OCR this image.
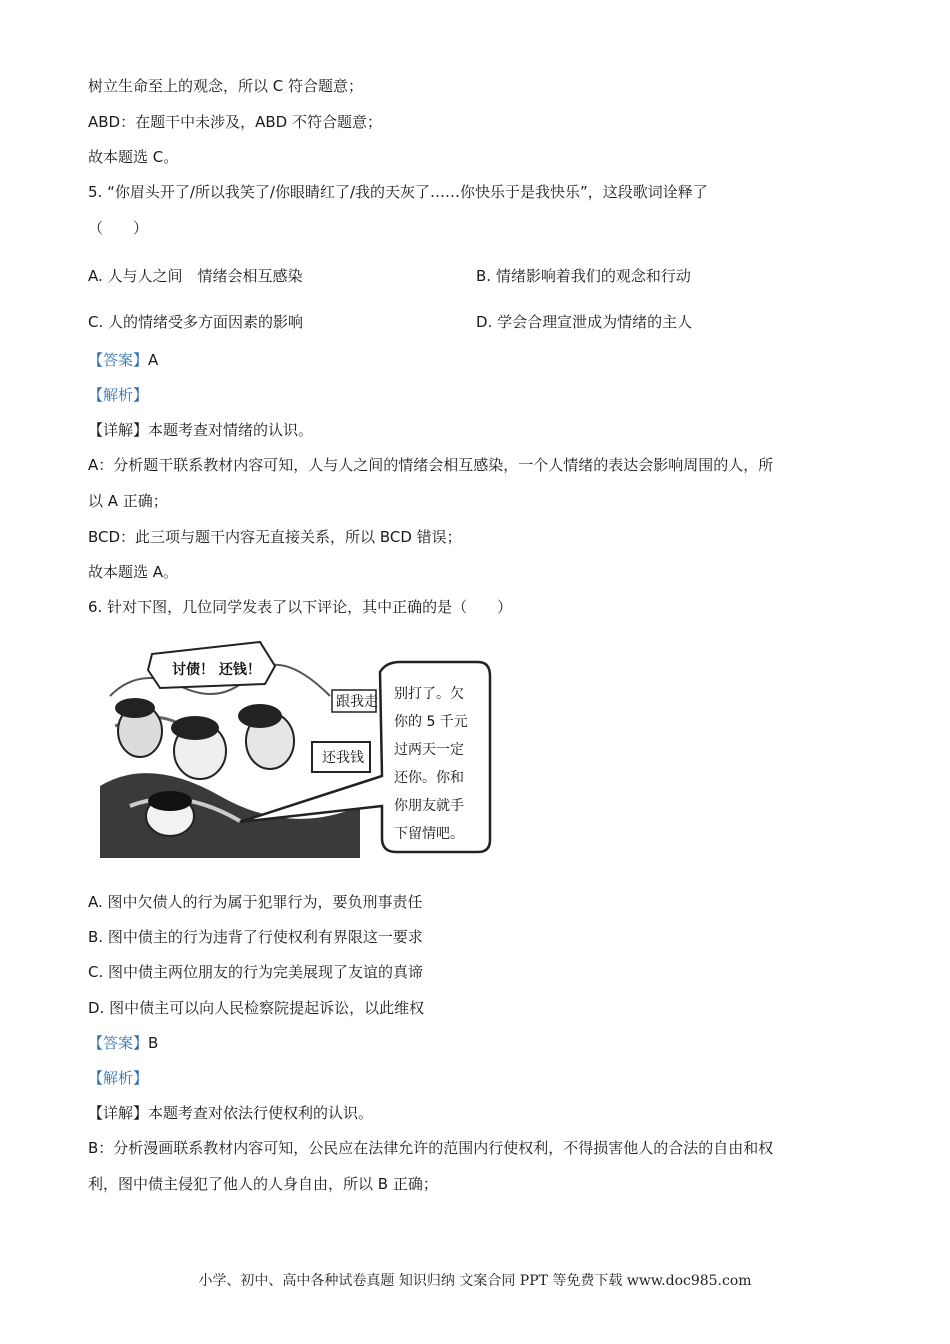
树立生命至上的观念，所以 C 符合题意；
ABD：在题干中未涉及，ABD 不符合题意；
故本题选 C。
5. “你眉头开了/所以我笑了/你眼睛红了/我的天灰了……你快乐于是我快乐”，这段歌词诠释了
（　　）
A. 人与人之间　情绪会相互感染	B. 情绪影响着我们的观念和行动
C. 人的情绪受多方面因素的影响	D. 学会合理宣泄成为情绪的主人
【答案】A
【解析】
【详解】本题考查对情绪的认识。
A：分析题干联系教材内容可知，人与人之间的情绪会相互感染，一个人情绪的表达会影响周围的人，所
以 A 正确；
BCD：此三项与题干内容无直接关系，所以 BCD 错误；
故本题选 A。
6. 针对下图，几位同学发表了以下评论，其中正确的是（　　）
讨债！ 还钱！
跟我走
还我钱
别打了。欠
你的 5 千元
过两天一定
还你。你和
你朋友就手
下留情吧。
A. 图中欠债人的行为属于犯罪行为，要负刑事责任
B. 图中债主的行为违背了行使权利有界限这一要求
C. 图中债主两位朋友的行为完美展现了友谊的真谛
D. 图中债主可以向人民检察院提起诉讼，以此维权
【答案】B
【解析】
【详解】本题考查对依法行使权利的认识。
B：分析漫画联系教材内容可知，公民应在法律允许的范围内行使权利，不得损害他人的合法的自由和权
利，图中债主侵犯了他人的人身自由，所以 B 正确；
小学、初中、高中各种试卷真题 知识归纳 文案合同 PPT 等免费下载 www.doc985.com
